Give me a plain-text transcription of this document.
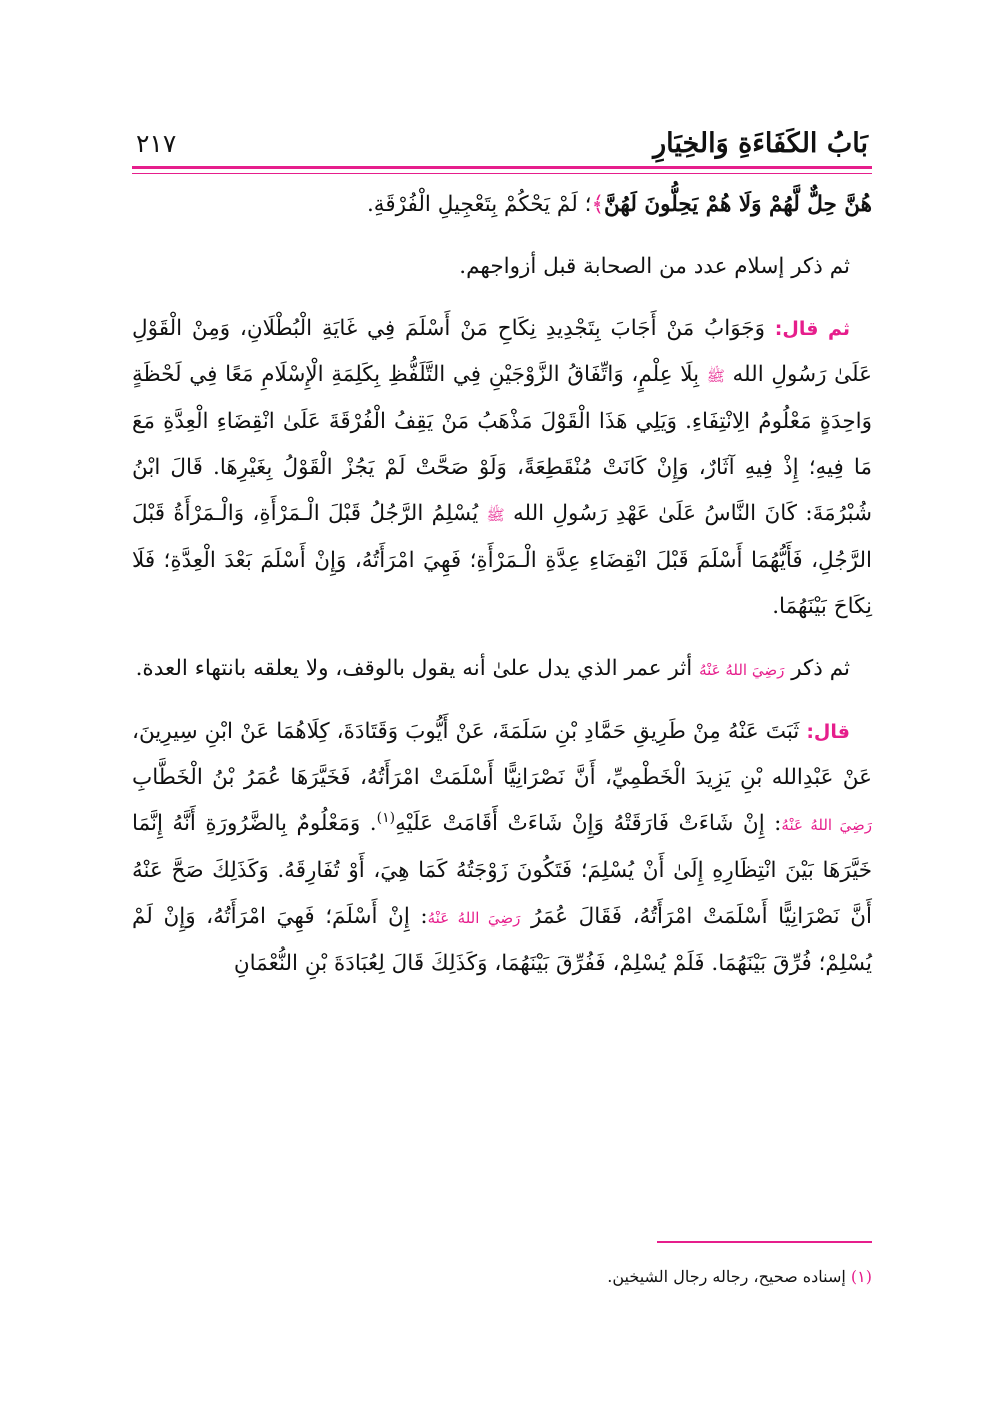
بَابُ الكَفَاءَةِ وَالخِيَارِ
٢١٧

هُنَّ حِلٌّ لَّهُمْ وَلَا هُمْ يَحِلُّونَ لَهُنَّ﴾؛ لَمْ يَحْكُمْ بِتَعْجِيلِ الْفُرْقَةِ.

ثم ذكر إسلام عدد من الصحابة قبل أزواجهم.

ثم قال: وَجَوَابُ مَنْ أَجَابَ بِتَجْدِيدِ نِكَاحِ مَنْ أَسْلَمَ فِي غَايَةِ الْبُطْلَانِ، وَمِنْ الْقَوْلِ عَلَىٰ رَسُولِ الله ﷺ بِلَا عِلْمٍ، وَاتِّفَاقُ الزَّوْجَيْنِ فِي التَّلَفُّظِ بِكَلِمَةِ الْإِسْلَامِ مَعًا فِي لَحْظَةٍ وَاحِدَةٍ مَعْلُومُ الِانْتِفَاءِ. وَيَلِي هَذَا الْقَوْلَ مَذْهَبُ مَنْ يَقِفُ الْفُرْقَةَ عَلَىٰ انْقِضَاءِ الْعِدَّةِ مَعَ مَا فِيهِ؛ إِذْ فِيهِ آثَارٌ، وَإِنْ كَانَتْ مُنْقَطِعَةً، وَلَوْ صَحَّتْ لَمْ يَجُزْ الْقَوْلُ بِغَيْرِهَا. قَالَ ابْنُ شُبْرُمَةَ: كَانَ النَّاسُ عَلَىٰ عَهْدِ رَسُولِ الله ﷺ يُسْلِمُ الرَّجُلُ قَبْلَ الْـمَرْأَةِ، وَالْـمَرْأَةُ قَبْلَ الرَّجُلِ، فَأَيُّهُمَا أَسْلَمَ قَبْلَ انْقِضَاءِ عِدَّةِ الْـمَرْأَةِ؛ فَهِيَ امْرَأَتُهُ، وَإِنْ أَسْلَمَ بَعْدَ الْعِدَّةِ؛ فَلَا نِكَاحَ بَيْنَهُمَا.

ثم ذكر رَضِيَ اللهُ عَنْهُ أثر عمر الذي يدل علىٰ أنه يقول بالوقف، ولا يعلقه بانتهاء العدة.

قال: ثَبَتَ عَنْهُ مِنْ طَرِيقِ حَمَّادِ بْنِ سَلَمَةَ، عَنْ أَيُّوبَ وَقَتَادَةَ، كِلَاهُمَا عَنْ ابْنِ سِيرِينَ، عَنْ عَبْدِالله بْنِ يَزِيدَ الْخَطْمِيِّ، أَنَّ نَصْرَانِيًّا أَسْلَمَتْ امْرَأَتُهُ، فَخَيَّرَهَا عُمَرُ بْنُ الْخَطَّابِ رَضِيَ اللهُ عَنْهُ: إِنْ شَاءَتْ فَارَقَتْهُ وَإِنْ شَاءَتْ أَقَامَتْ عَلَيْهِ$^{(١)}$. وَمَعْلُومٌ بِالضَّرُورَةِ أَنَّهُ إِنَّمَا خَيَّرَهَا بَيْنَ انْتِظَارِهِ إِلَىٰ أَنْ يُسْلِمَ؛ فَتَكُونَ زَوْجَتُهُ كَمَا هِيَ، أَوْ تُفَارِقَهُ. وَكَذَلِكَ صَحَّ عَنْهُ أَنَّ نَصْرَانِيًّا أَسْلَمَتْ امْرَأَتُهُ، فَقَالَ عُمَرُ رَضِيَ اللهُ عَنْهُ: إِنْ أَسْلَمَ؛ فَهِيَ امْرَأَتُهُ، وَإِنْ لَمْ يُسْلِمْ؛ فُرِّقَ بَيْنَهُمَا. فَلَمْ يُسْلِمْ، فَفُرِّقَ بَيْنَهُمَا، وَكَذَلِكَ قَالَ لِعُبَادَةَ بْنِ النُّعْمَانِ

(١) إسناده صحيح، رجاله رجال الشيخين.
